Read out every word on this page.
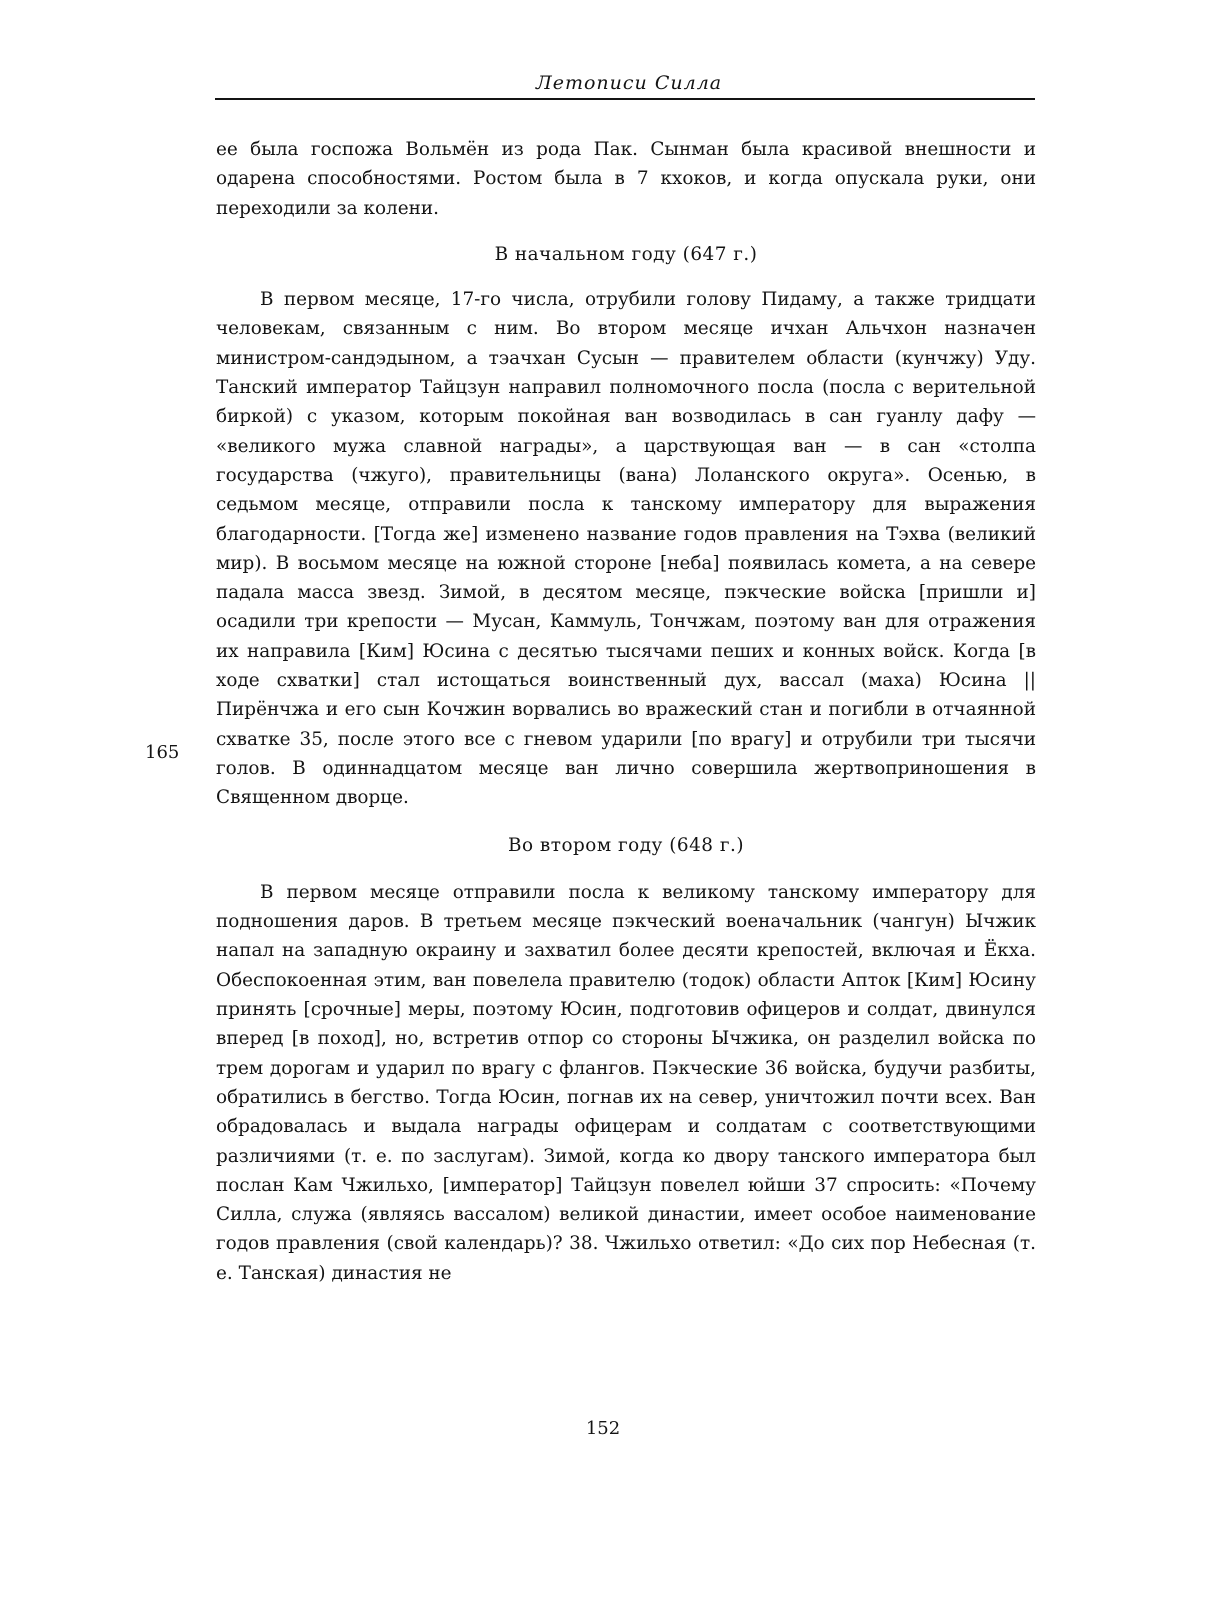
Летописи Силла
165

ее была госпожа Вольмён из рода Пак. Сынман была красивой внешности и одарена способностями. Ростом была в 7 кхоков, и когда опускала руки, они переходили за колени.

В начальном году (647 г.)

В первом месяце, 17-го числа, отрубили голову Пидаму, а также тридцати человекам, связанным с ним. Во втором месяце ичхан Альчхон назначен министром-сандэдыном, а тэачхан Сусын — правителем области (кунчжу) Уду. Танский император Тайцзун направил полномочного посла (посла с верительной биркой) с указом, которым покойная ван возводилась в сан гуанлу дафу — «великого мужа славной награды», а царствующая ван — в сан «столпа государства (чжуго), правительницы (вана) Лоланского округа». Осенью, в седьмом месяце, отправили посла к танскому императору для выражения благодарности. [Тогда же] изменено название годов правления на Тэхва (великий мир). В восьмом месяце на южной стороне [неба] появилась комета, а на севере падала масса звезд. Зимой, в десятом месяце, пэкческие войска [пришли и] осадили три крепости — Мусан, Каммуль, Тончжам, поэтому ван для отражения их направила [Ким] Юсина с десятью тысячами пеших и конных войск. Когда [в ходе схватки] стал истощаться воинственный дух, вассал (маха) Юсина || Пирёнчжа и его сын Кочжин ворвались во вражеский стан и погибли в отчаянной схватке 35, после этого все с гневом ударили [по врагу] и отрубили три тысячи голов. В одиннадцатом месяце ван лично совершила жертвоприношения в Священном дворце.

Во втором году (648 г.)

В первом месяце отправили посла к великому танскому императору для подношения даров. В третьем месяце пэкческий военачальник (чангун) Ычжик напал на западную окраину и захватил более десяти крепостей, включая и Ёкха. Обеспокоенная этим, ван повелела правителю (тодок) области Апток [Ким] Юсину принять [срочные] меры, поэтому Юсин, подготовив офицеров и солдат, двинулся вперед [в поход], но, встретив отпор со стороны Ычжика, он разделил войска по трем дорогам и ударил по врагу с флангов. Пэкческие 36 войска, будучи разбиты, обратились в бегство. Тогда Юсин, погнав их на север, уничтожил почти всех. Ван обрадовалась и выдала награды офицерам и солдатам с соответствующими различиями (т. е. по заслугам). Зимой, когда ко двору танского императора был послан Кам Чжильхо, [император] Тайцзун повелел юйши 37 спросить: «Почему Силла, служа (являясь вассалом) великой династии, имеет особое наименование годов правления (свой календарь)? 38. Чжильхо ответил: «До сих пор Небесная (т. е. Танская) династия не

152
